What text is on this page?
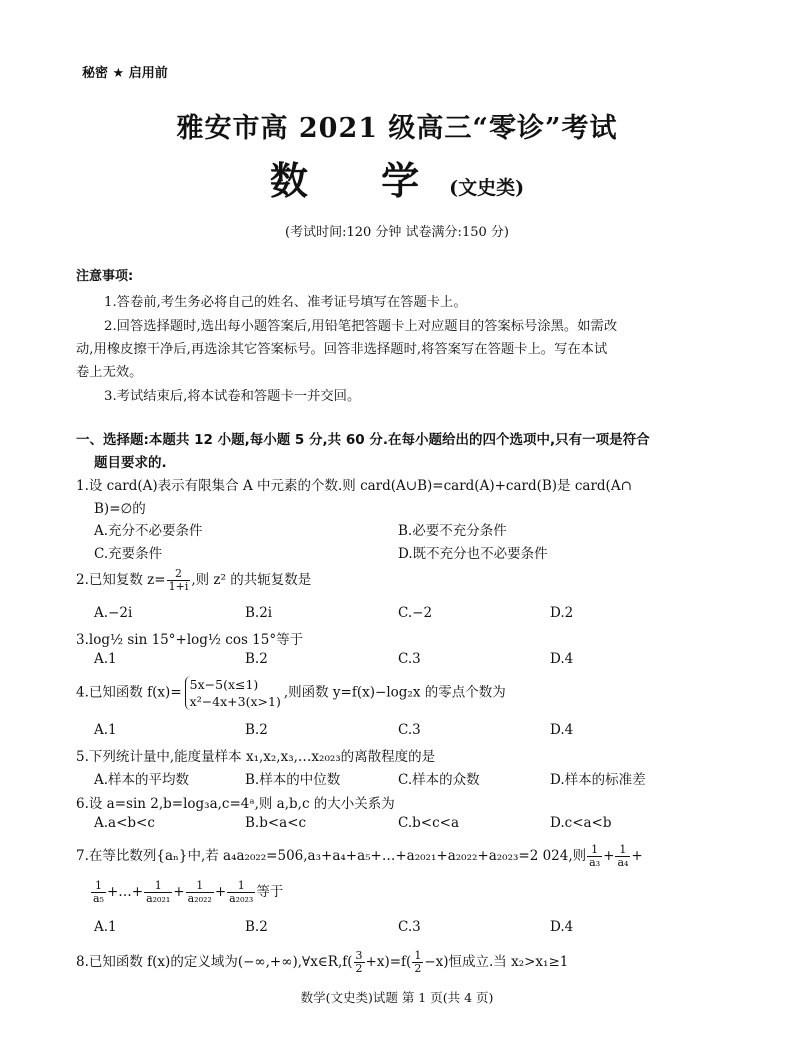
秘密 ★ 启用前
雅安市高 2021 级高三“零诊”考试
数 学(文史类)
(考试时间:120 分钟 试卷满分:150 分)
注意事项:
1.答卷前,考生务必将自己的姓名、准考证号填写在答题卡上。
2.回答选择题时,选出每小题答案后,用铅笔把答题卡上对应题目的答案标号涂黑。如需改
动,用橡皮擦干净后,再选涂其它答案标号。回答非选择题时,将答案写在答题卡上。写在本试
卷上无效。
3.考试结束后,将本试卷和答题卡一并交回。
一、选择题:本题共 12 小题,每小题 5 分,共 60 分.在每小题给出的四个选项中,只有一项是符合
题目要求的.
1.设 card(A)表示有限集合 A 中元素的个数.则 card(A∪B)=card(A)+card(B)是 card(A∩
B)=∅的
A.充分不必要条件	B.必要不充分条件
C.充要条件	D.既不充分也不必要条件
2.已知复数 $z= \frac{2}{1+i}$ ,则 z² 的共轭复数是
A.−2i	B.2i	C.−2	D.2
3.log½ sin 15°+log½ cos 15°等于
A.1	B.2	C.3	D.4
4.已知函数 f(x)= 5x−5(x≤1)
x²−4x+3(x>1)
,则函数 y=f(x)−log₂x 的零点个数为
A.1	B.2	C.3	D.4
5.下列统计量中,能度量样本 x₁,x₂,x₃,…x₂₀₂₃的离散程度的是
A.样本的平均数	B.样本的中位数	C.样本的众数	D.样本的标准差
6.设 a=sin 2,b=log₃a,c=4ᵃ,则 a,b,c 的大小关系为
A.a<b<c	B.b<a<c	C.b<c<a	D.c<a<b
7.在等比数列{aₙ}中,若 a₄a₂₀₂₂=506,a₃+a₄+a₅+…+a₂₀₂₁+a₂₀₂₂+a₂₀₂₃=2 024,则 $\frac{1}{\text{a₃}} + \frac{1}{\text{a₄}}$ +
$\frac{1}{\text{a₅}}$ +…+ $\frac{1}{\text{a₂₀₂₁}} + \frac{1}{\text{a₂₀₂₂}} + \frac{1}{\text{a₂₀₂₃}}$ 等于
A.1	B.2	C.3	D.4
8.已知函数 f(x)的定义域为(−∞,+∞),∀x∈R,f( $\frac{3}{2} +x)=f( \frac{1}{2} -x)$恒成立.当 x₂>x₁≥1
数学(文史类)试题 第 1 页(共 4 页)
